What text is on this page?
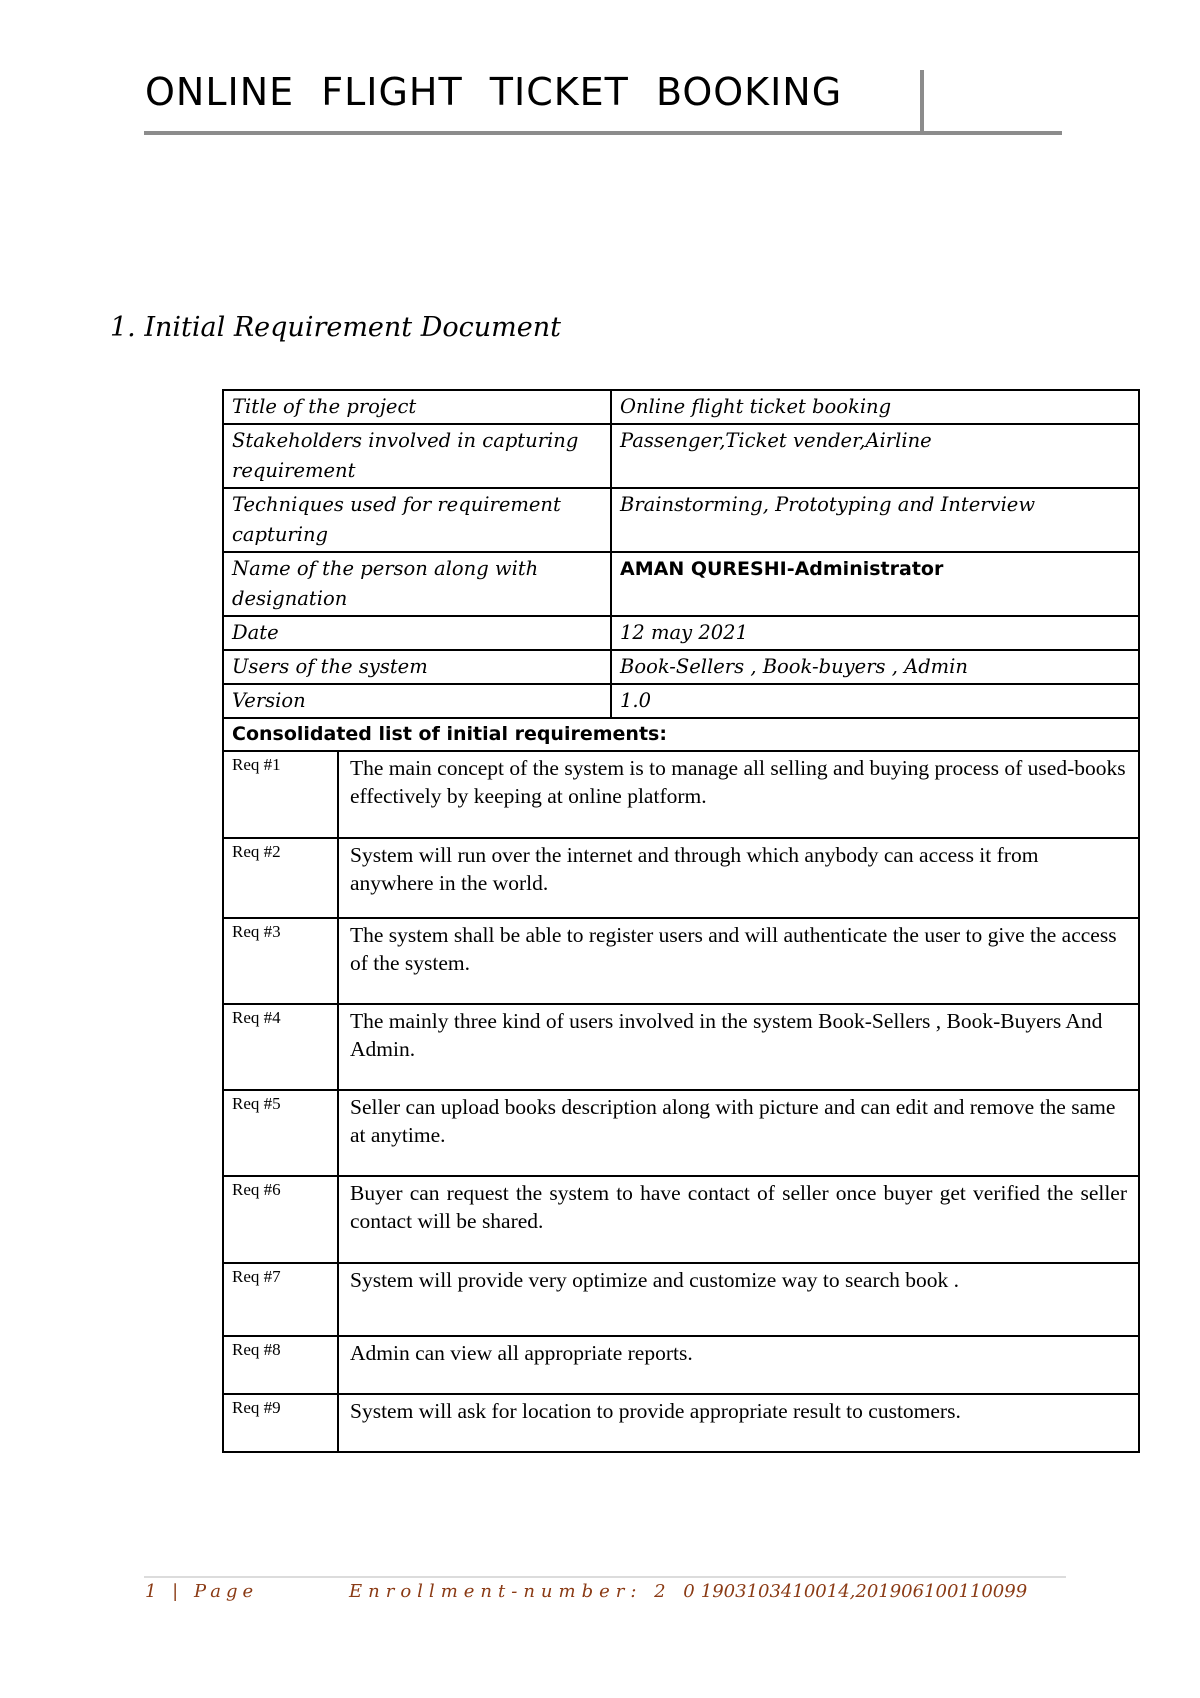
ONLINE FLIGHT TICKET BOOKING
1. Initial Requirement Document
Title of the project		Online flight ticket booking
Stakeholders involved in capturing requirement		Passenger,Ticket vender,Airline
Techniques used for requirement capturing		Brainstorming, Prototyping and Interview
Name of the person along with designation		AMAN QURESHI-Administrator
Date		12 may 2021
Users of the system		Book-Sellers , Book-buyers , Admin
Version		1.0
Consolidated list of initial requirements:		
Req #1	The main concept of the system is to manage all selling and buying process of used-books effectively by keeping at online platform.	
Req #2	System will run over the internet and through which anybody can access it from anywhere in the world.	
Req #3	The system shall be able to register users and will authenticate the user to give the access of the system.	
Req #4	The mainly three kind of users involved in the system Book-Sellers , Book-Buyers And Admin.	
Req #5	Seller can upload books description along with picture and can edit and remove the same at anytime.	
Req #6	Buyer can request the system to have contact of seller once buyer get verified the seller contact will be shared.	
Req #7	System will provide very optimize and customize way to search book .	
Req #8	Admin can view all appropriate reports.	
Req #9	System will ask for location to provide appropriate result to customers.	
1 | Page	Enrollment-number: 2 01903103410014,201906100110099
